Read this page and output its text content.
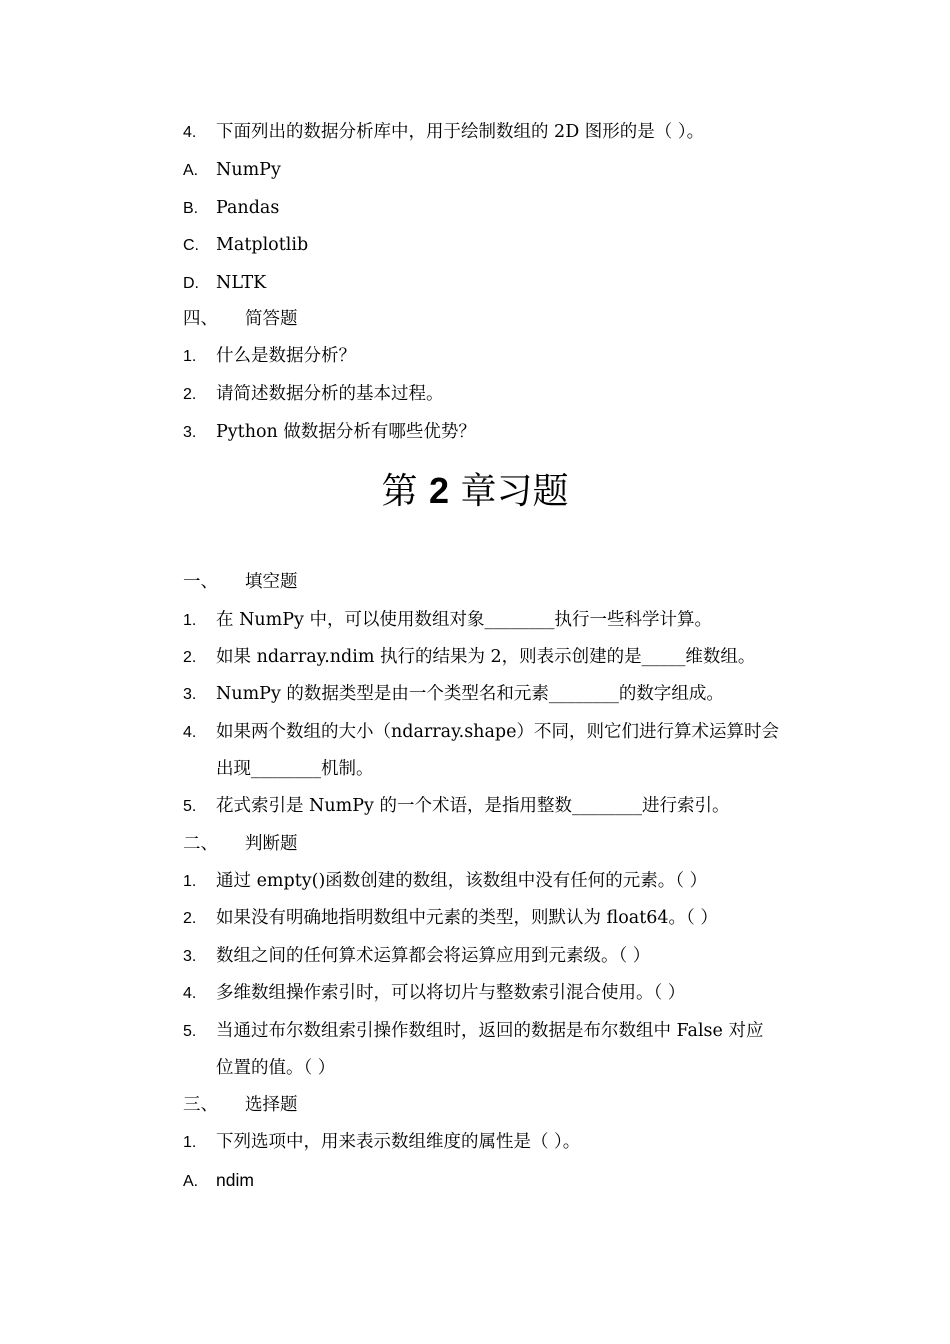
4. 下面列出的数据分析库中，用于绘制数组的 2D 图形的是（ ）。
A. NumPy
B. Pandas
C. Matplotlib
D. NLTK
四、 简答题
1. 什么是数据分析？
2. 请简述数据分析的基本过程。
3. Python 做数据分析有哪些优势？
第 2 章习题
一、 填空题
1. 在 NumPy 中，可以使用数组对象________执行一些科学计算。
2. 如果 ndarray.ndim 执行的结果为 2，则表示创建的是_____维数组。
3. NumPy 的数据类型是由一个类型名和元素________的数字组成。
4. 如果两个数组的大小（ndarray.shape）不同，则它们进行算术运算时会
出现________机制。
5. 花式索引是 NumPy 的一个术语，是指用整数________进行索引。
二、 判断题
1. 通过 empty()函数创建的数组，该数组中没有任何的元素。（ ）
2. 如果没有明确地指明数组中元素的类型，则默认为 float64。（ ）
3. 数组之间的任何算术运算都会将运算应用到元素级。（ ）
4. 多维数组操作索引时，可以将切片与整数索引混合使用。（ ）
5. 当通过布尔数组索引操作数组时，返回的数据是布尔数组中 False 对应
位置的值。（ ）
三、 选择题
1. 下列选项中，用来表示数组维度的属性是（ ）。
A. ndim
